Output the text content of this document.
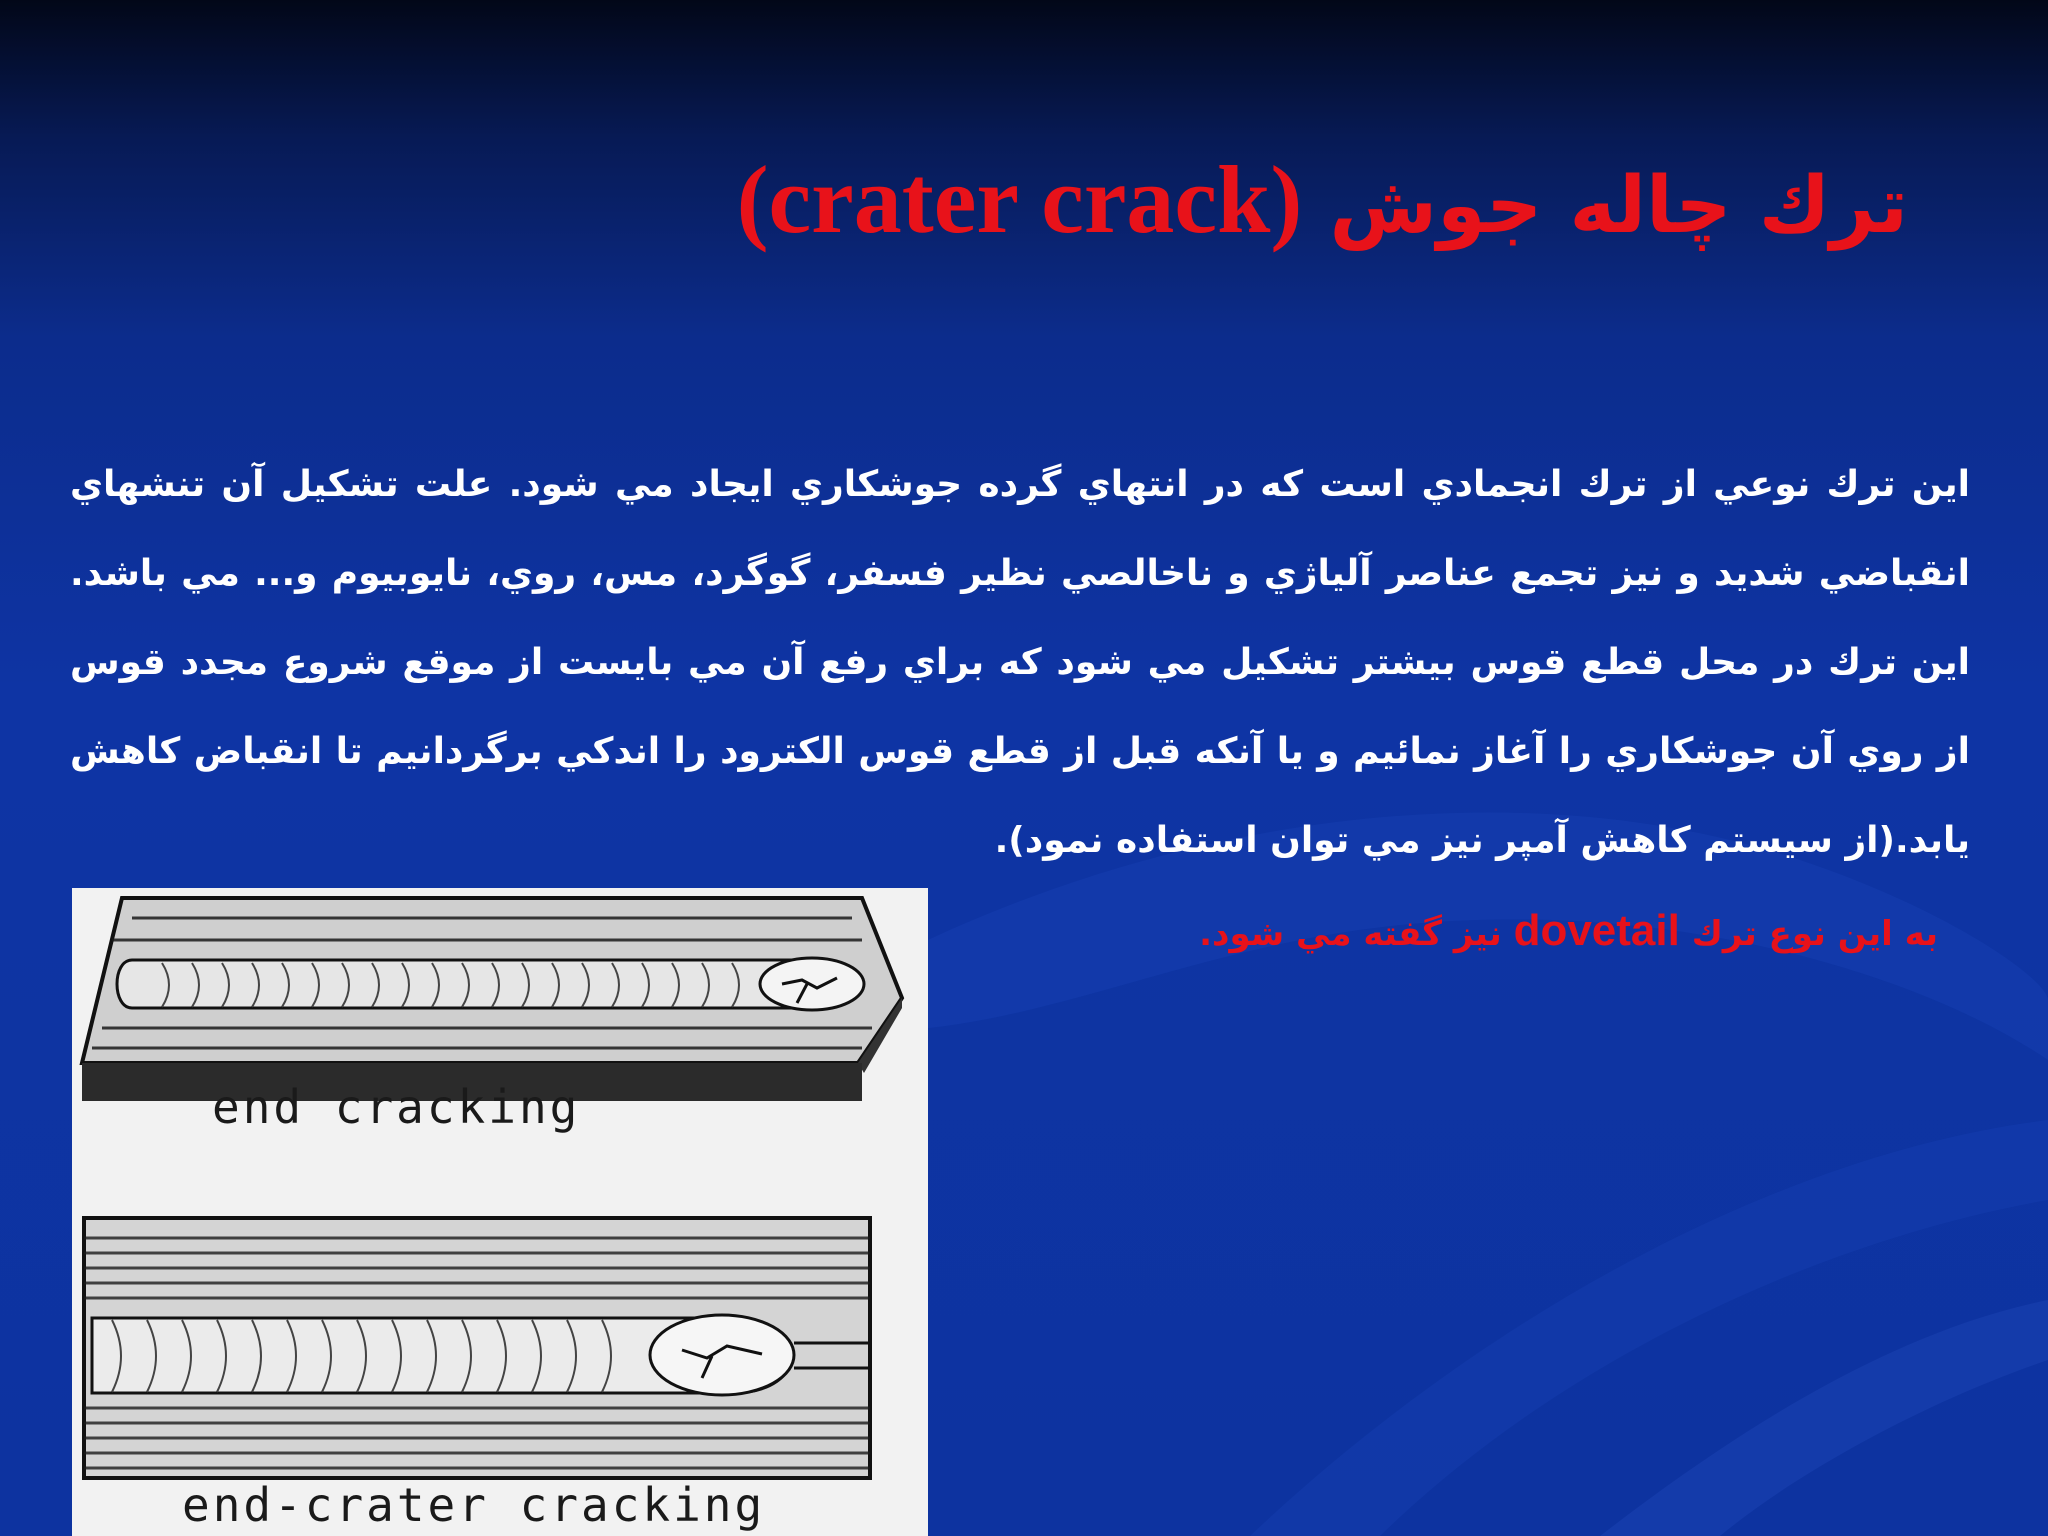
ترك چاله جوش (crater crack)
اين ترك نوعي از ترك انجمادي است كه در انتهاي گرده جوشكاري ايجاد مي شود. علت تشكيل آن تنشهاي انقباضي شديد و نيز تجمع عناصر آلياژي و ناخالصي نظير فسفر، گوگرد، مس، روي، نايوبيوم و... مي باشد. اين ترك در محل قطع قوس بيشتر تشكيل مي شود كه براي رفع آن مي بايست از موقع شروع مجدد قوس از روي آن جوشكاري را آغاز نمائيم و يا آنكه قبل از قطع قوس الكترود را اندكي برگردانيم تا انقباض كاهش يابد.(از سيستم كاهش آمپر نيز مي توان استفاده نمود).
به اين نوع ترك dovetail نيز گفته مي شود.
end cracking
end-crater cracking
